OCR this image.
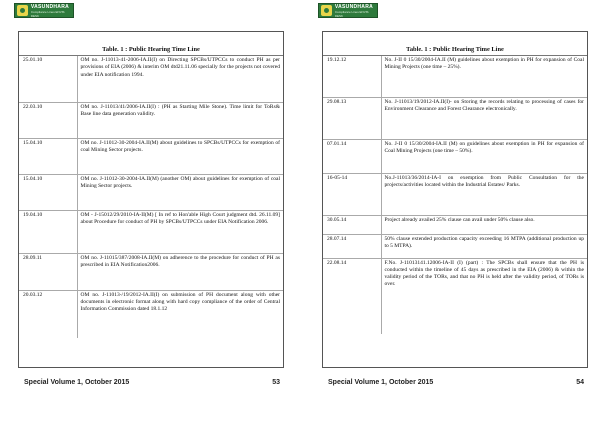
VASUNDHARA
Compliance Lines ENVIS DESK
Table. 1 : Public Hearing Time Line
25.01.10	OM no. J-11013-41-2006-IA.II(I) on Directing SPCBs/UTPCCs to conduct PH as per provisions of EIA (2006) & interim OM dtd21.11.06 specially for the projects not covered under EIA notification 1994.
22.03.10	OM no. J-11013/41/2006-IA.II(I) : (PH as Starting Mile Stone). Time limit for ToRs& Base line data generation validity.
15.04.10	OM no. J-11012-30-2004-IA.II(M) about guidelines to SPCBs/UTPCCs for exemption of coal Mining Sector projects.
15.04.10	OM no. J-11012-30-2004-IA.II(M) (another OM) about guidelines for exemption of coal Mining Sector projects.
19.04.10	OM - J-15012/29/2010-IA-II(M) [ In ref to Hon'able High Court judgment dtd. 26.11.09] about Procedure for conduct of PH by SPCBs/UTPCCs under EIA Notification 2006.
28.09.11	OM no. J-11015/387/2008-IA.II(M) on adherence to the procedure for conduct of PH as prescribed in EIA Notification2006.
20.03.12	OM no. J-11013-/19/2012-IA.II(I) on submission of PH document along with other documents in electronic format along with hard copy compliance of the order of Central Information Commission dated 18.1.12
Special Volume 1, October 2015	53
VASUNDHARA
Compliance Lines ENVIS DESK
Table. 1 : Public Hearing Time Line
19.12.12	No. J-II 0 15/30/2004-IA.II (M) guidelines about exemption in PH for expansion of Coal Mining Projects (one time – 25%).
29.08.13	No. J-11013/19/2012-IA.II(I)- on Storing the records relating to processing of cases for Environment Clearance and Forest Clearance electronically.
07.01.14	No. J-II 0 15/30/2004-IA.II (M) on guidelines about exemption in PH for expansion of Coal Mining Projects (one time – 50%).
16-05-14	No.J-11013/36/2014-IA-I on exemption from Public Consultation for the projects/activities located within the Industrial Estates/ Parks.
30.05.14	Project already availed 25% clause can avail under 50% clause also.
28.07.14	50% clause extended production capacity exceeding 16 MTPA (additional production up to 5 MTPA).
22.08.14	F.No. J-11013141.12006-IA-II (I) (part) : The SPCBs shall ensure that the PH is conducted within the timeline of 45 days as prescribed in the EIA (2006) & within the validity period of the TORs, and that no PH is held after the validity period, of TORs is over.
Special Volume 1, October 2015	54
